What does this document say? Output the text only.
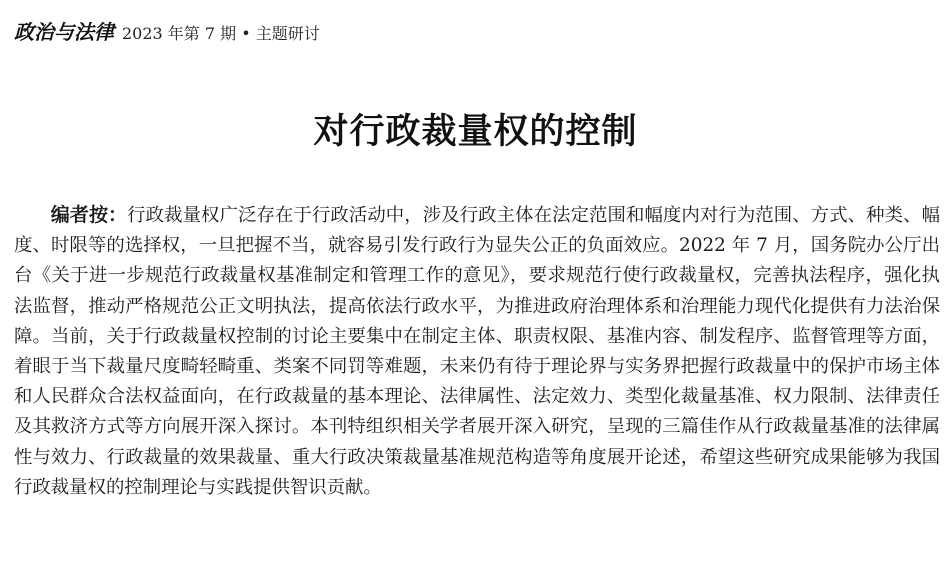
政治与法律 2023 年第 7 期 • 主题研讨
对行政裁量权的控制

编者按：行政裁量权广泛存在于行政活动中，涉及行政主体在法定范围和幅度内对行为范围、方式、种类、幅度、时限等的选择权，一旦把握不当，就容易引发行政行为显失公正的负面效应。2022 年 7 月，国务院办公厅出台《关于进一步规范行政裁量权基准制定和管理工作的意见》，要求规范行使行政裁量权，完善执法程序，强化执法监督，推动严格规范公正文明执法，提高依法行政水平，为推进政府治理体系和治理能力现代化提供有力法治保障。当前，关于行政裁量权控制的讨论主要集中在制定主体、职责权限、基准内容、制发程序、监督管理等方面，着眼于当下裁量尺度畸轻畸重、类案不同罚等难题，未来仍有待于理论界与实务界把握行政裁量中的保护市场主体和人民群众合法权益面向，在行政裁量的基本理论、法律属性、法定效力、类型化裁量基准、权力限制、法律责任及其救济方式等方向展开深入探讨。本刊特组织相关学者展开深入研究，呈现的三篇佳作从行政裁量基准的法律属性与效力、行政裁量的效果裁量、重大行政决策裁量基准规范构造等角度展开论述，希望这些研究成果能够为我国行政裁量权的控制理论与实践提供智识贡献。
